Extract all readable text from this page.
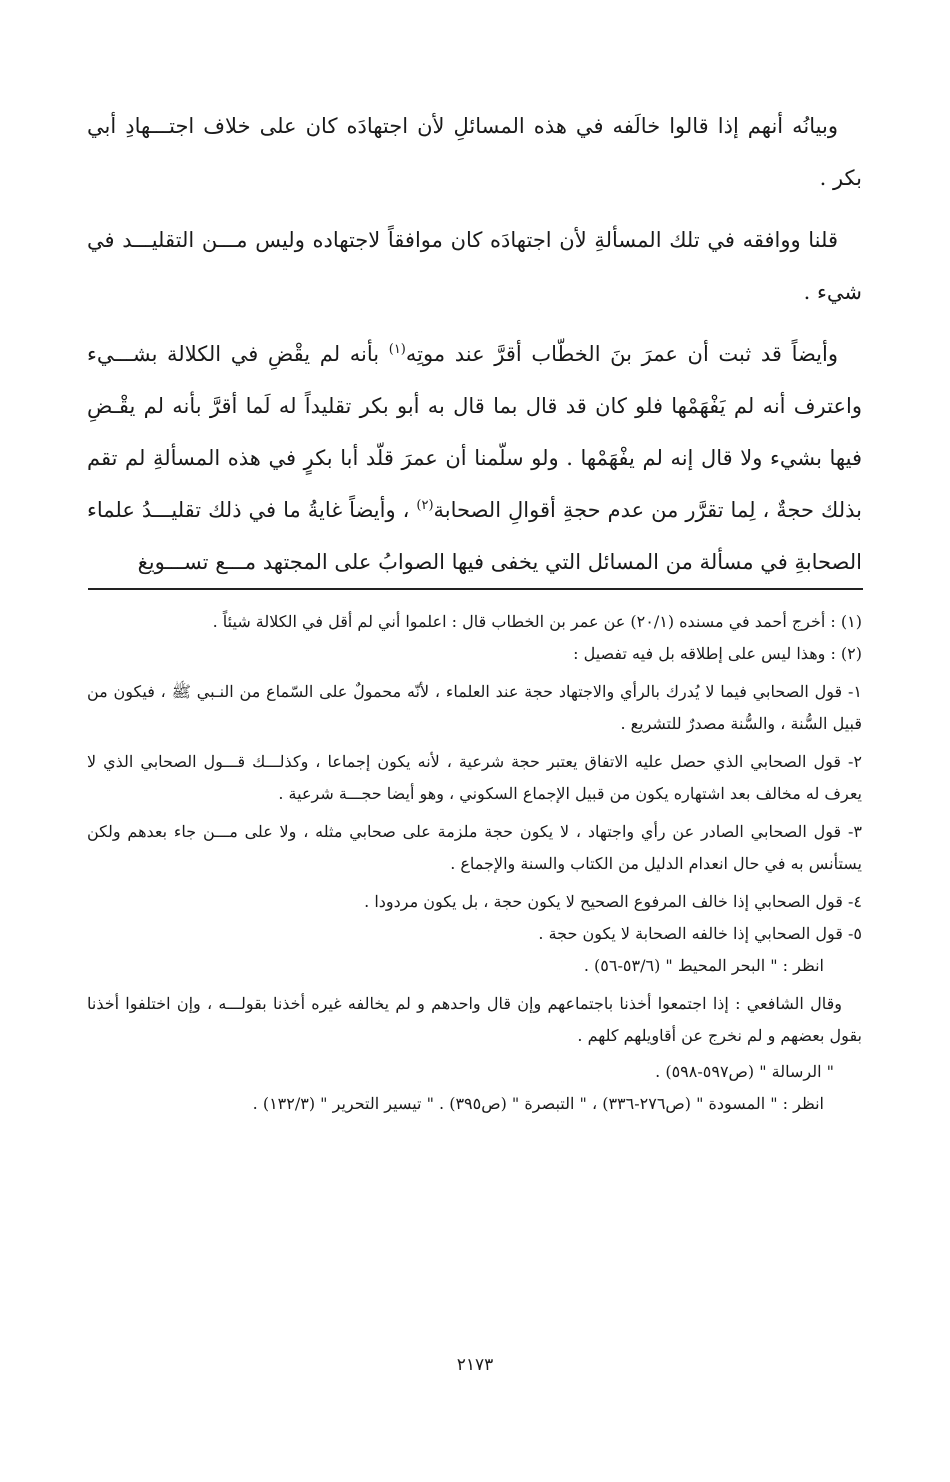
وبيانُه أنهم إذا قالوا خالَفه في هذه المسائلِ لأن اجتهادَه كان على خلاف اجتـــهادِ أبي بكر .

قلنا ووافقه في تلك المسألةِ لأن اجتهادَه كان موافقاً لاجتهاده وليس مـــن التقليـــد في شيء .

وأيضاً قد ثبت أن عمرَ بنَ الخطّاب أقرَّ عند موتِه$^{(١)}$ بأنه لم يقْضِ في الكلالة بشـــيء واعترف أنه لم يَفْهَمْها فلو كان قد قال بما قال به أبو بكر تقليداً له لَما أقرَّ بأنه لم يقْـضِ فيها بشيء ولا قال إنه لم يفْهَمْها . ولو سلّمنا أن عمرَ قلّد أبا بكرٍ في هذه المسألةِ لم تقم بذلك حجةٌ ، لِما تقرَّر من عدم حجةِ أقوالِ الصحابة$^{(٢)}$ ، وأيضاً غايةُ ما في ذلك تقليـــدُ علماء الصحابةِ في مسألة من المسائل التي يخفى فيها الصوابُ على المجتهد مـــع تســـويغ

(١) : أخرج أحمد في مسنده (٢٠/١) عن عمر بن الخطاب قال : اعلموا أني لم أقل في الكلالة شيئاً .

(٢) : وهذا ليس على إطلاقه بل فيه تفصيل :

١- قول الصحابي فيما لا يُدرك بالرأي والاجتهاد حجة عند العلماء ، لأنّه محمولٌ على السّماع من النـبي ﷺ ، فيكون من قبيل السُّنة ، والسُّنة مصدرٌ للتشريع .

٢- قول الصحابي الذي حصل عليه الاتفاق يعتبر حجة شرعية ، لأنه يكون إجماعا ، وكذلـــك قـــول الصحابي الذي لا يعرف له مخالف بعد اشتهاره يكون من قبيل الإجماع السكوني ، وهو أيضا حجـــة شرعية .

٣- قول الصحابي الصادر عن رأي واجتهاد ، لا يكون حجة ملزمة على صحابي مثله ، ولا على مـــن جاء بعدهم ولكن يستأنس به في حال انعدام الدليل من الكتاب والسنة والإجماع .

٤- قول الصحابي إذا خالف المرفوع الصحيح لا يكون حجة ، بل يكون مردودا .

٥- قول الصحابي إذا خالفه الصحابة لا يكون حجة .

انظر : " البحر المحيط " (٥٣/٦-٥٦) .

وقال الشافعي : إذا اجتمعوا أخذنا باجتماعهم وإن قال واحدهم و لم يخالفه غيره أخذنا بقولـــه ، وإن اختلفوا أخذنا بقول بعضهم و لم نخرج عن أقاويلهم كلهم .

" الرسالة " (ص٥٩٧-٥٩٨) .

انظر : " المسودة " (ص٢٧٦-٣٣٦) ، " التبصرة " (ص٣٩٥) . " تيسير التحرير " (١٣٢/٣) .

٢١٧٣
